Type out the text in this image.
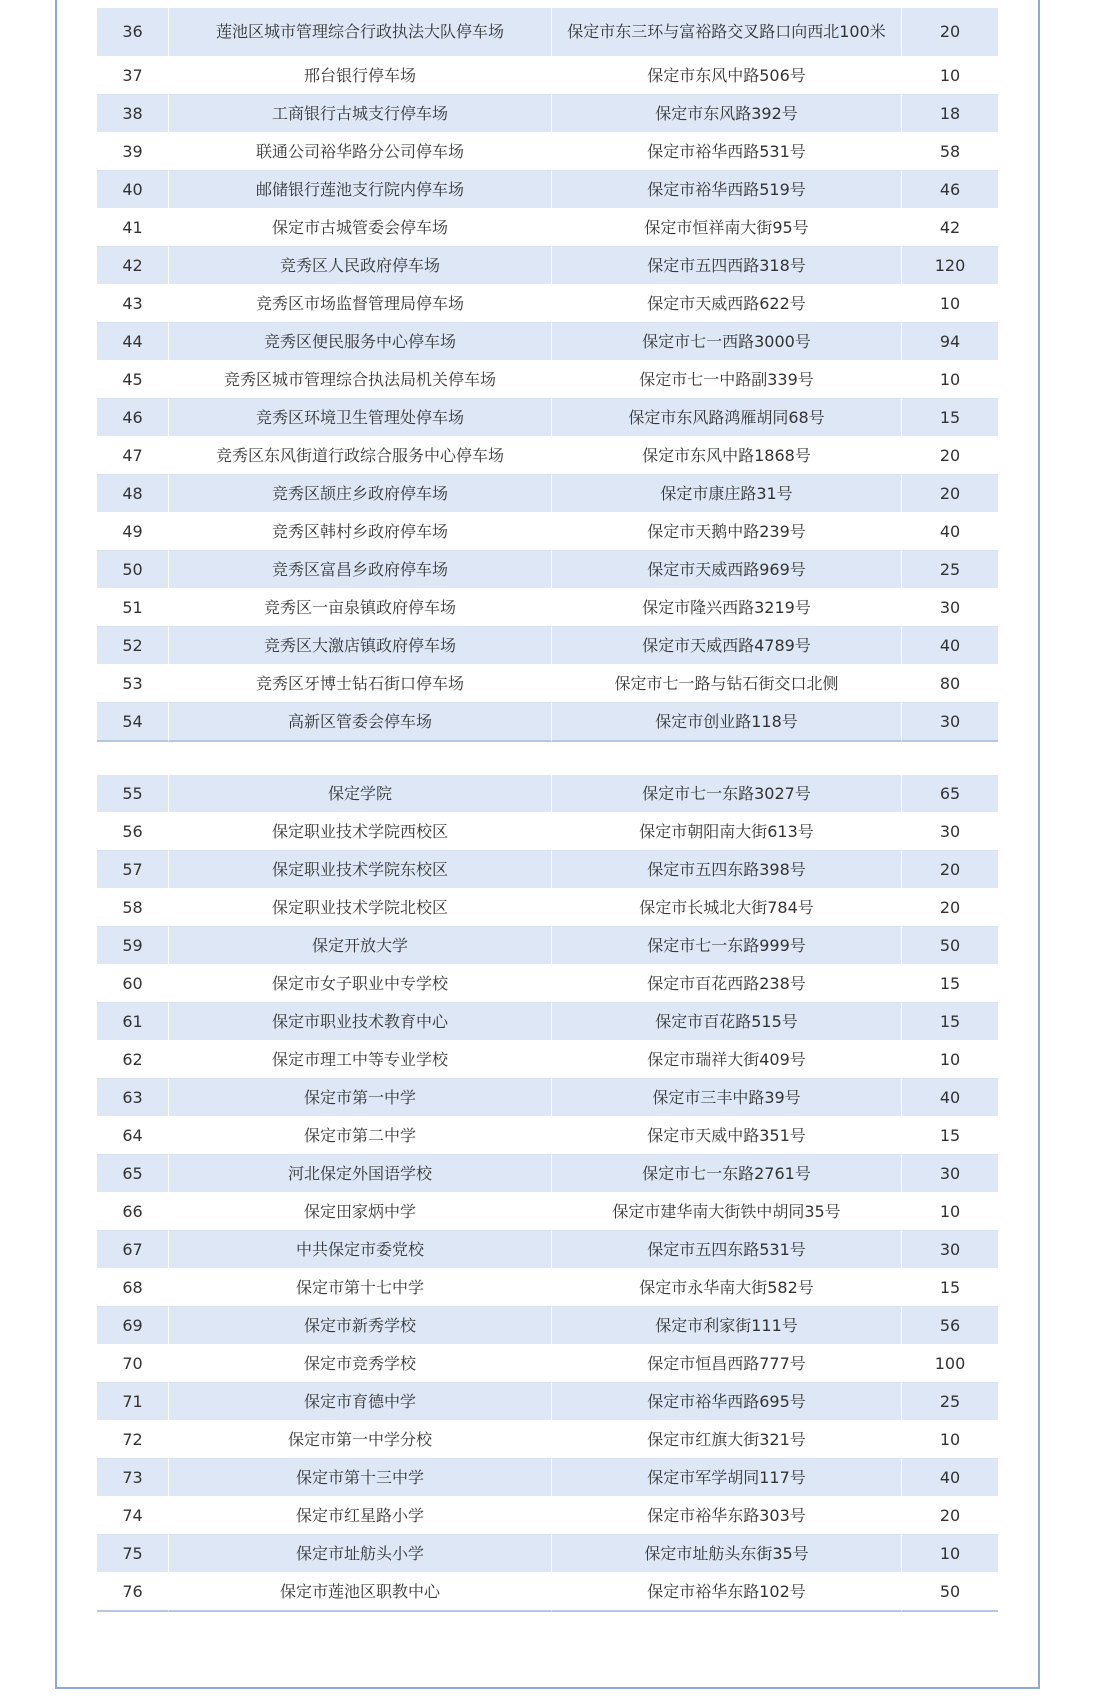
36	莲池区城市管理综合行政执法大队停车场	保定市东三环与富裕路交叉路口向西北100米	20
37	邢台银行停车场	保定市东风中路506号	10
38	工商银行古城支行停车场	保定市东风路392号	18
39	联通公司裕华路分公司停车场	保定市裕华西路531号	58
40	邮储银行莲池支行院内停车场	保定市裕华西路519号	46
41	保定市古城管委会停车场	保定市恒祥南大街95号	42
42	竞秀区人民政府停车场	保定市五四西路318号	120
43	竞秀区市场监督管理局停车场	保定市天威西路622号	10
44	竞秀区便民服务中心停车场	保定市七一西路3000号	94
45	竞秀区城市管理综合执法局机关停车场	保定市七一中路副339号	10
46	竞秀区环境卫生管理处停车场	保定市东风路鸿雁胡同68号	15
47	竞秀区东风街道行政综合服务中心停车场	保定市东风中路1868号	20
48	竞秀区颉庄乡政府停车场	保定市康庄路31号	20
49	竞秀区韩村乡政府停车场	保定市天鹅中路239号	40
50	竞秀区富昌乡政府停车场	保定市天威西路969号	25
51	竞秀区一亩泉镇政府停车场	保定市隆兴西路3219号	30
52	竞秀区大激店镇政府停车场	保定市天威西路4789号	40
53	竞秀区牙博士钻石街口停车场	保定市七一路与钻石街交口北侧	80
54	高新区管委会停车场	保定市创业路118号	30
55	保定学院	保定市七一东路3027号	65
56	保定职业技术学院西校区	保定市朝阳南大街613号	30
57	保定职业技术学院东校区	保定市五四东路398号	20
58	保定职业技术学院北校区	保定市长城北大街784号	20
59	保定开放大学	保定市七一东路999号	50
60	保定市女子职业中专学校	保定市百花西路238号	15
61	保定市职业技术教育中心	保定市百花路515号	15
62	保定市理工中等专业学校	保定市瑞祥大街409号	10
63	保定市第一中学	保定市三丰中路39号	40
64	保定市第二中学	保定市天威中路351号	15
65	河北保定外国语学校	保定市七一东路2761号	30
66	保定田家炳中学	保定市建华南大街铁中胡同35号	10
67	中共保定市委党校	保定市五四东路531号	30
68	保定市第十七中学	保定市永华南大街582号	15
69	保定市新秀学校	保定市利家街111号	56
70	保定市竞秀学校	保定市恒昌西路777号	100
71	保定市育德中学	保定市裕华西路695号	25
72	保定市第一中学分校	保定市红旗大街321号	10
73	保定市第十三中学	保定市军学胡同117号	40
74	保定市红星路小学	保定市裕华东路303号	20
75	保定市址舫头小学	保定市址舫头东街35号	10
76	保定市莲池区职教中心	保定市裕华东路102号	50
